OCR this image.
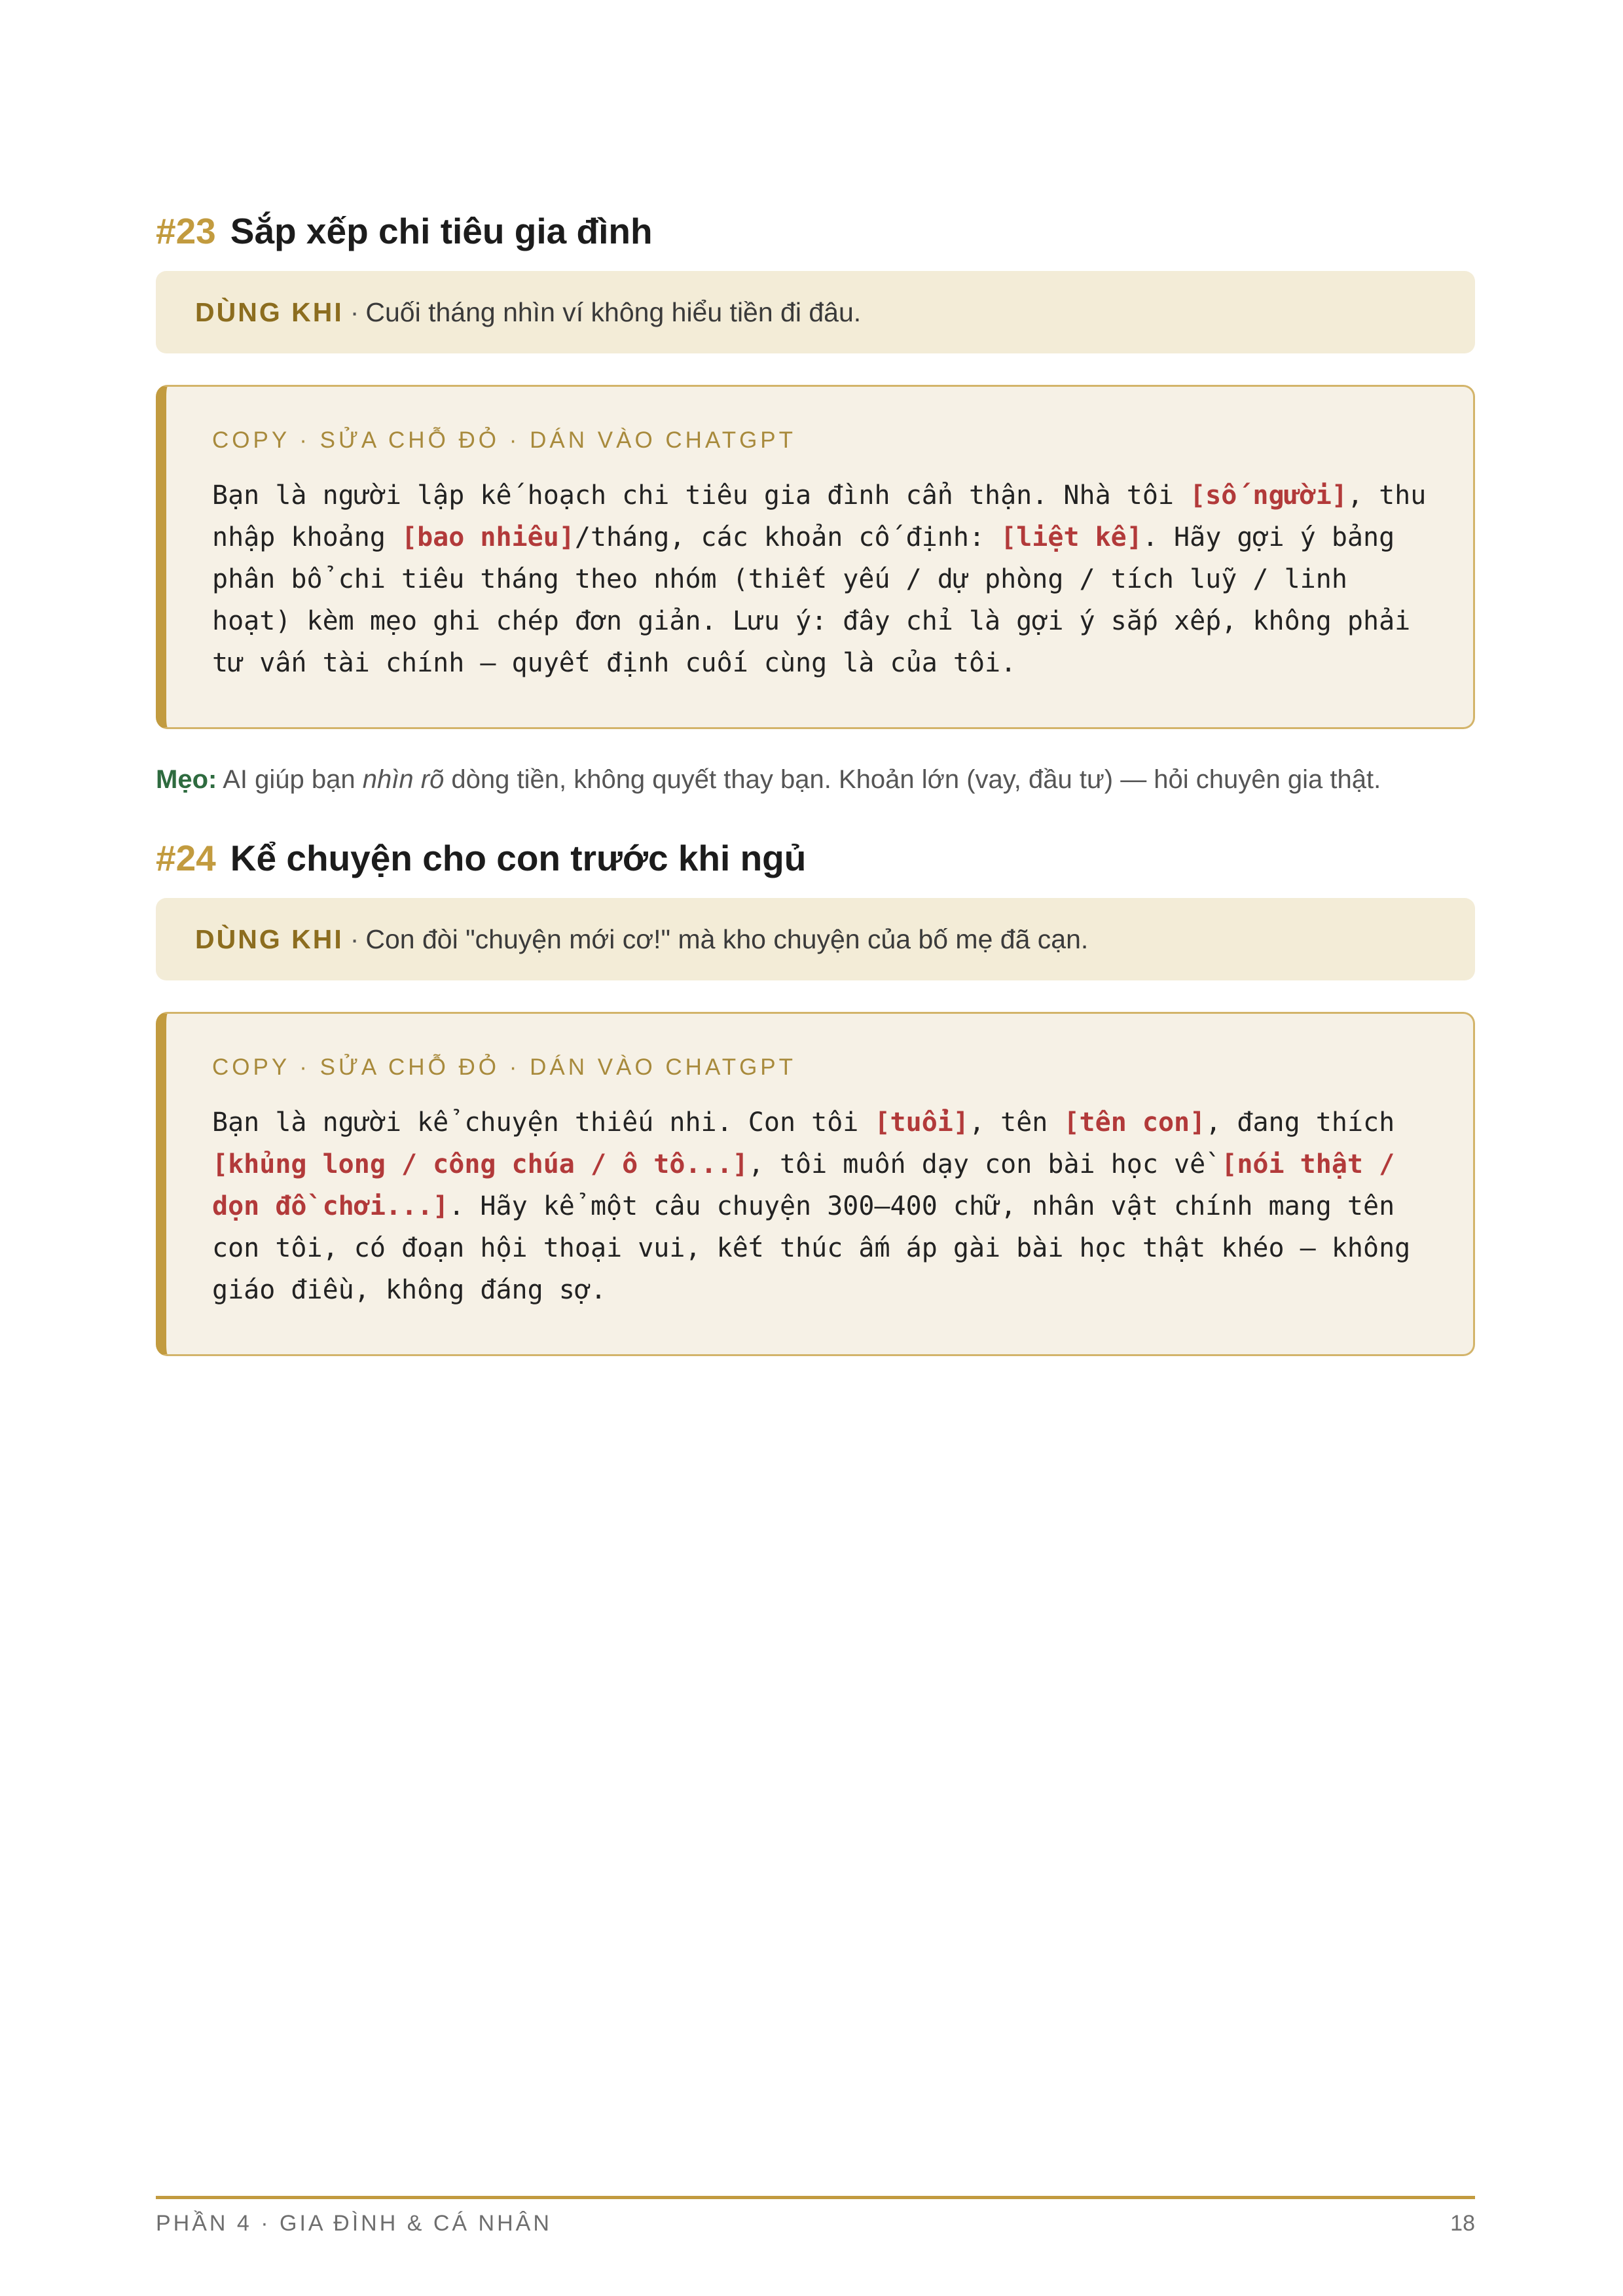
#23 Sắp xếp chi tiêu gia đình
DÙNG KHI · Cuối tháng nhìn ví không hiểu tiền đi đâu.
COPY · SỬA CHỖ ĐỎ · DÁN VÀO CHATGPT
Bạn là người lập kế hoạch chi tiêu gia đình cẩn thận. Nhà tôi [số người], thu nhập khoảng [bao nhiêu]/tháng, các khoản cố định: [liệt kê]. Hãy gợi ý bảng phân bổ chi tiêu tháng theo nhóm (thiết yếu / dự phòng / tích luỹ / linh hoạt) kèm mẹo ghi chép đơn giản. Lưu ý: đây chỉ là gợi ý sắp xếp, không phải tư vấn tài chính — quyết định cuối cùng là của tôi.
Mẹo: AI giúp bạn nhìn rõ dòng tiền, không quyết thay bạn. Khoản lớn (vay, đầu tư) — hỏi chuyên gia thật.
#24 Kể chuyện cho con trước khi ngủ
DÙNG KHI · Con đòi "chuyện mới cơ!" mà kho chuyện của bố mẹ đã cạn.
COPY · SỬA CHỖ ĐỎ · DÁN VÀO CHATGPT
Bạn là người kể chuyện thiếu nhi. Con tôi [tuổi], tên [tên con], đang thích [khủng long / công chúa / ô tô...], tôi muốn dạy con bài học về [nói thật / dọn đồ chơi...]. Hãy kể một câu chuyện 300–400 chữ, nhân vật chính mang tên con tôi, có đoạn hội thoại vui, kết thúc ấm áp gài bài học thật khéo — không giáo điều, không đáng sợ.
PHẦN 4 · GIA ĐÌNH & CÁ NHÂN	18
